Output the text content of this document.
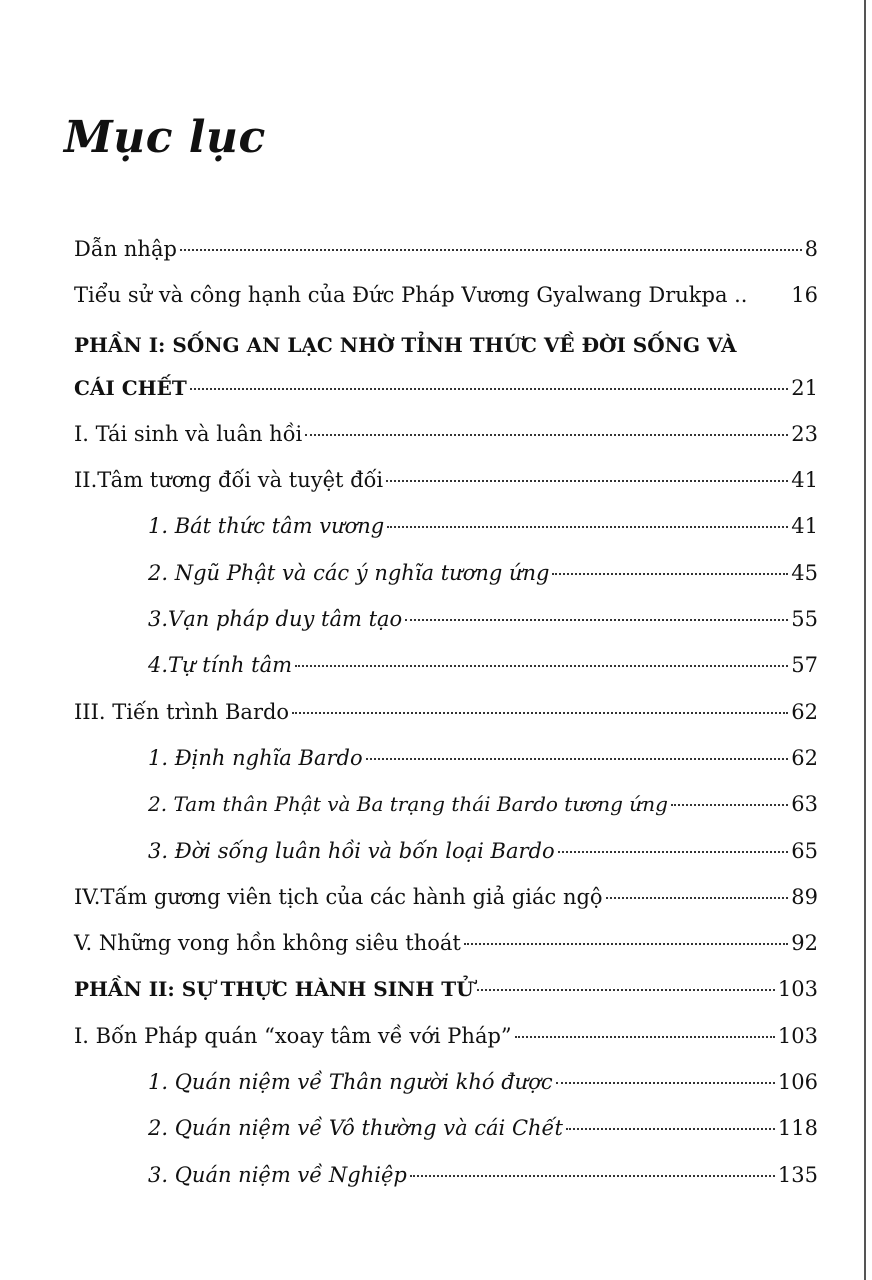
Mục lục
Dẫn nhập	8
Tiểu sử và công hạnh của Đức Pháp Vương Gyalwang Drukpa .. 16
PHẦN I: SỐNG AN LẠC NHỜ TỈNH THỨC VỀ ĐỜI SỐNG VÀ
CÁI CHẾT	21
I. Tái sinh và luân hồi	23
II.Tâm tương đối và tuyệt đối	41
1. Bát thức tâm vương	41
2. Ngũ Phật và các ý nghĩa tương ứng	45
3.Vạn pháp duy tâm tạo	55
4.Tự tính tâm	57
III. Tiến trình Bardo	62
1. Định nghĩa Bardo	62
2. Tam thân Phật và Ba trạng thái Bardo tương ứng	63
3. Đời sống luân hồi và bốn loại Bardo	65
IV.Tấm gương viên tịch của các hành giả giác ngộ	89
V. Những vong hồn không siêu thoát	92
PHẦN II: SỰ THỰC HÀNH SINH TỬ	103
I. Bốn Pháp quán “xoay tâm về với Pháp”	103
1. Quán niệm về Thân người khó được	106
2. Quán niệm về Vô thường và cái Chết	118
3. Quán niệm về Nghiệp	135
